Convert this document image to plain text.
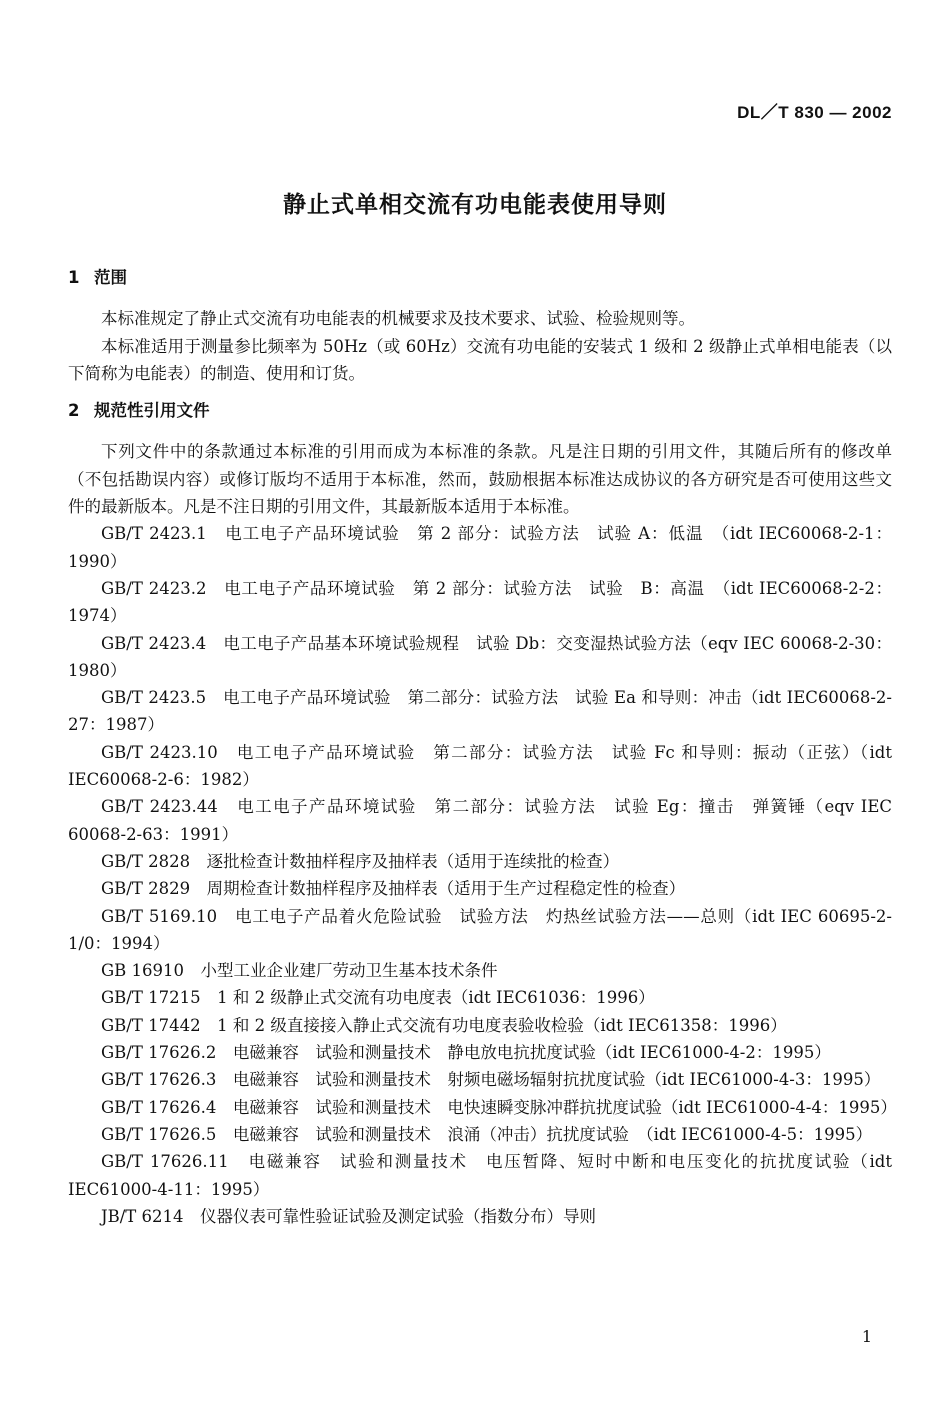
DL／T 830 — 2002
静止式单相交流有功电能表使用导则
1 范围

本标准规定了静止式交流有功电能表的机械要求及技术要求、试验、检验规则等。

本标准适用于测量参比频率为 50Hz（或 60Hz）交流有功电能的安装式 1 级和 2 级静止式单相电能表（以下简称为电能表）的制造、使用和订货。

2 规范性引用文件

下列文件中的条款通过本标准的引用而成为本标准的条款。凡是注日期的引用文件，其随后所有的修改单（不包括勘误内容）或修订版均不适用于本标准，然而，鼓励根据本标准达成协议的各方研究是否可使用这些文件的最新版本。凡是不注日期的引用文件，其最新版本适用于本标准。

GB/T 2423.1　电工电子产品环境试验　第 2 部分：试验方法　试验 A：低温　（idt IEC60068-2-1：1990）

GB/T 2423.2　电工电子产品环境试验　第 2 部分：试验方法　试验　B：高温　（idt IEC60068-2-2：1974）

GB/T 2423.4　电工电子产品基本环境试验规程　试验 Db：交变湿热试验方法（eqv IEC 60068-2-30：1980）

GB/T 2423.5　电工电子产品环境试验　第二部分：试验方法　试验 Ea 和导则：冲击（idt IEC60068-2-27：1987）

GB/T 2423.10　电工电子产品环境试验　第二部分：试验方法　试验 Fc 和导则：振动（正弦）（idt IEC60068-2-6：1982）

GB/T 2423.44　电工电子产品环境试验　第二部分：试验方法　试验 Eg：撞击　弹簧锤（eqv IEC 60068-2-63：1991）

GB/T 2828　逐批检查计数抽样程序及抽样表（适用于连续批的检查）

GB/T 2829　周期检查计数抽样程序及抽样表（适用于生产过程稳定性的检查）

GB/T 5169.10　电工电子产品着火危险试验　试验方法　灼热丝试验方法——总则（idt IEC 60695-2-1/0：1994）

GB 16910　小型工业企业建厂劳动卫生基本技术条件

GB/T 17215　1 和 2 级静止式交流有功电度表（idt IEC61036：1996）

GB/T 17442　1 和 2 级直接接入静止式交流有功电度表验收检验（idt IEC61358：1996）

GB/T 17626.2　电磁兼容　试验和测量技术　静电放电抗扰度试验（idt IEC61000-4-2：1995）

GB/T 17626.3　电磁兼容　试验和测量技术　射频电磁场辐射抗扰度试验（idt IEC61000-4-3：1995）

GB/T 17626.4　电磁兼容　试验和测量技术　电快速瞬变脉冲群抗扰度试验（idt IEC61000-4-4：1995）

GB/T 17626.5　电磁兼容　试验和测量技术　浪涌（冲击）抗扰度试验　（idt IEC61000-4-5：1995）

GB/T 17626.11　电磁兼容　试验和测量技术　电压暂降、短时中断和电压变化的抗扰度试验（idt IEC61000-4-11：1995）

JB/T 6214　仪器仪表可靠性验证试验及测定试验（指数分布）导则

1
